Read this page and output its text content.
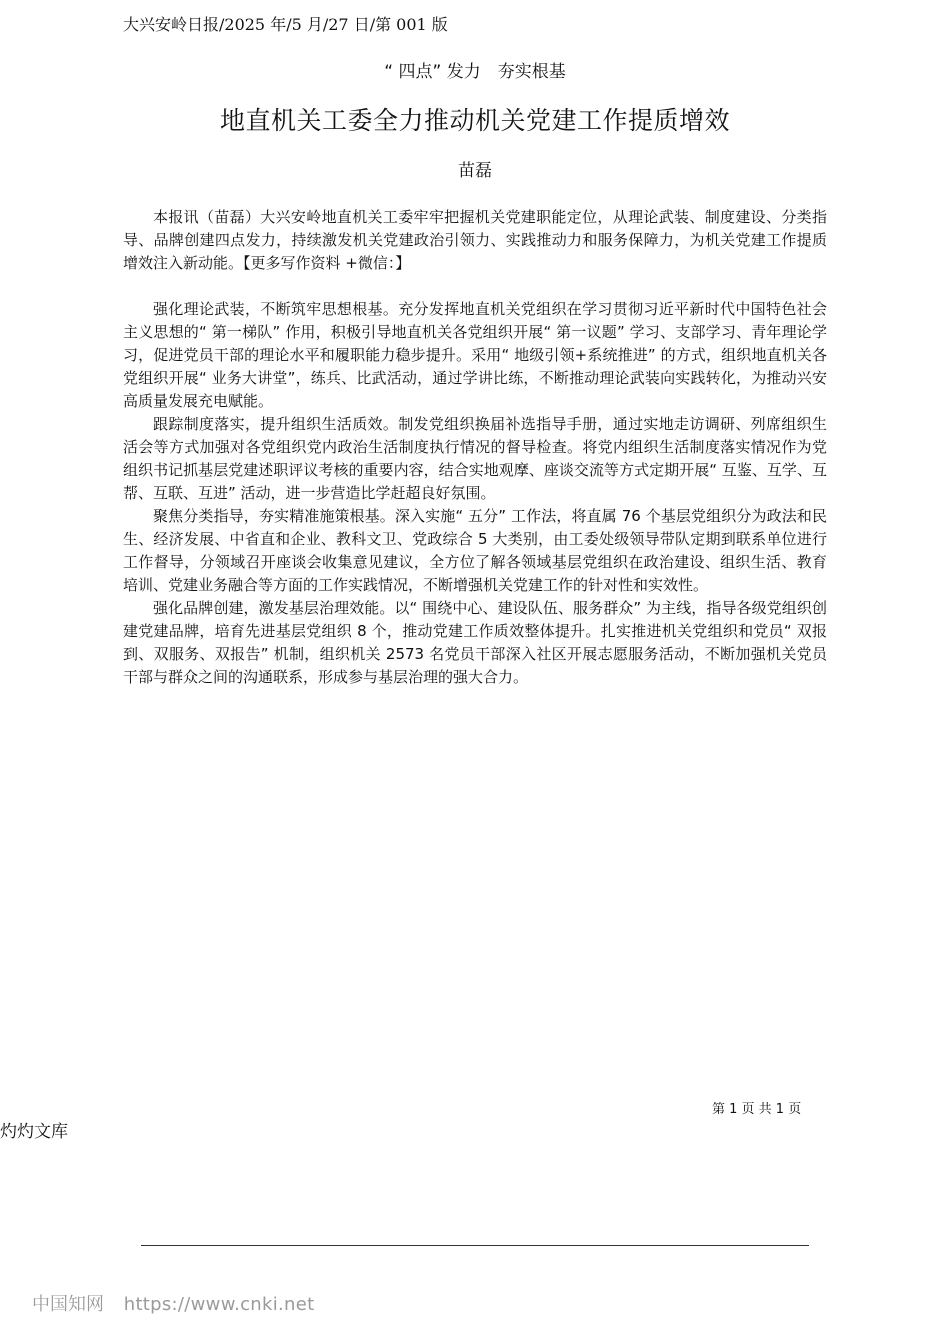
大兴安岭日报/2025 年/5 月/27 日/第 001 版
“ 四点” 发力　夯实根基
地直机关工委全力推动机关党建工作提质增效
苗磊

本报讯（苗磊）大兴安岭地直机关工委牢牢把握机关党建职能定位，从理论武装、制度建设、分类指导、品牌创建四点发力，持续激发机关党建政治引领力、实践推动力和服务保障力，为机关党建工作提质增效注入新动能。【更多写作资料 +微信：】

强化理论武装，不断筑牢思想根基。充分发挥地直机关党组织在学习贯彻习近平新时代中国特色社会主义思想的“ 第一梯队” 作用，积极引导地直机关各党组织开展“ 第一议题” 学习、支部学习、青年理论学习，促进党员干部的理论水平和履职能力稳步提升。采用“ 地级引领+系统推进” 的方式，组织地直机关各党组织开展“ 业务大讲堂”，练兵、比武活动，通过学讲比练，不断推动理论武装向实践转化，为推动兴安高质量发展充电赋能。

跟踪制度落实，提升组织生活质效。制发党组织换届补选指导手册，通过实地走访调研、列席组织生活会等方式加强对各党组织党内政治生活制度执行情况的督导检查。将党内组织生活制度落实情况作为党组织书记抓基层党建述职评议考核的重要内容，结合实地观摩、座谈交流等方式定期开展“ 互鉴、互学、互帮、互联、互进” 活动，进一步营造比学赶超良好氛围。

聚焦分类指导，夯实精准施策根基。深入实施“ 五分” 工作法，将直属 76 个基层党组织分为政法和民生、经济发展、中省直和企业、教科文卫、党政综合 5 大类别，由工委处级领导带队定期到联系单位进行工作督导，分领域召开座谈会收集意见建议，全方位了解各领域基层党组织在政治建设、组织生活、教育培训、党建业务融合等方面的工作实践情况，不断增强机关党建工作的针对性和实效性。

强化品牌创建，激发基层治理效能。以“ 围绕中心、建设队伍、服务群众” 为主线，指导各级党组织创建党建品牌，培育先进基层党组织 8 个，推动党建工作质效整体提升。扎实推进机关党组织和党员“ 双报到、双服务、双报告” 机制，组织机关 2573 名党员干部深入社区开展志愿服务活动，不断加强机关党员干部与群众之间的沟通联系，形成参与基层治理的强大合力。

第 1 页 共 1 页
灼灼文库
中国知网 https://www.cnki.net
